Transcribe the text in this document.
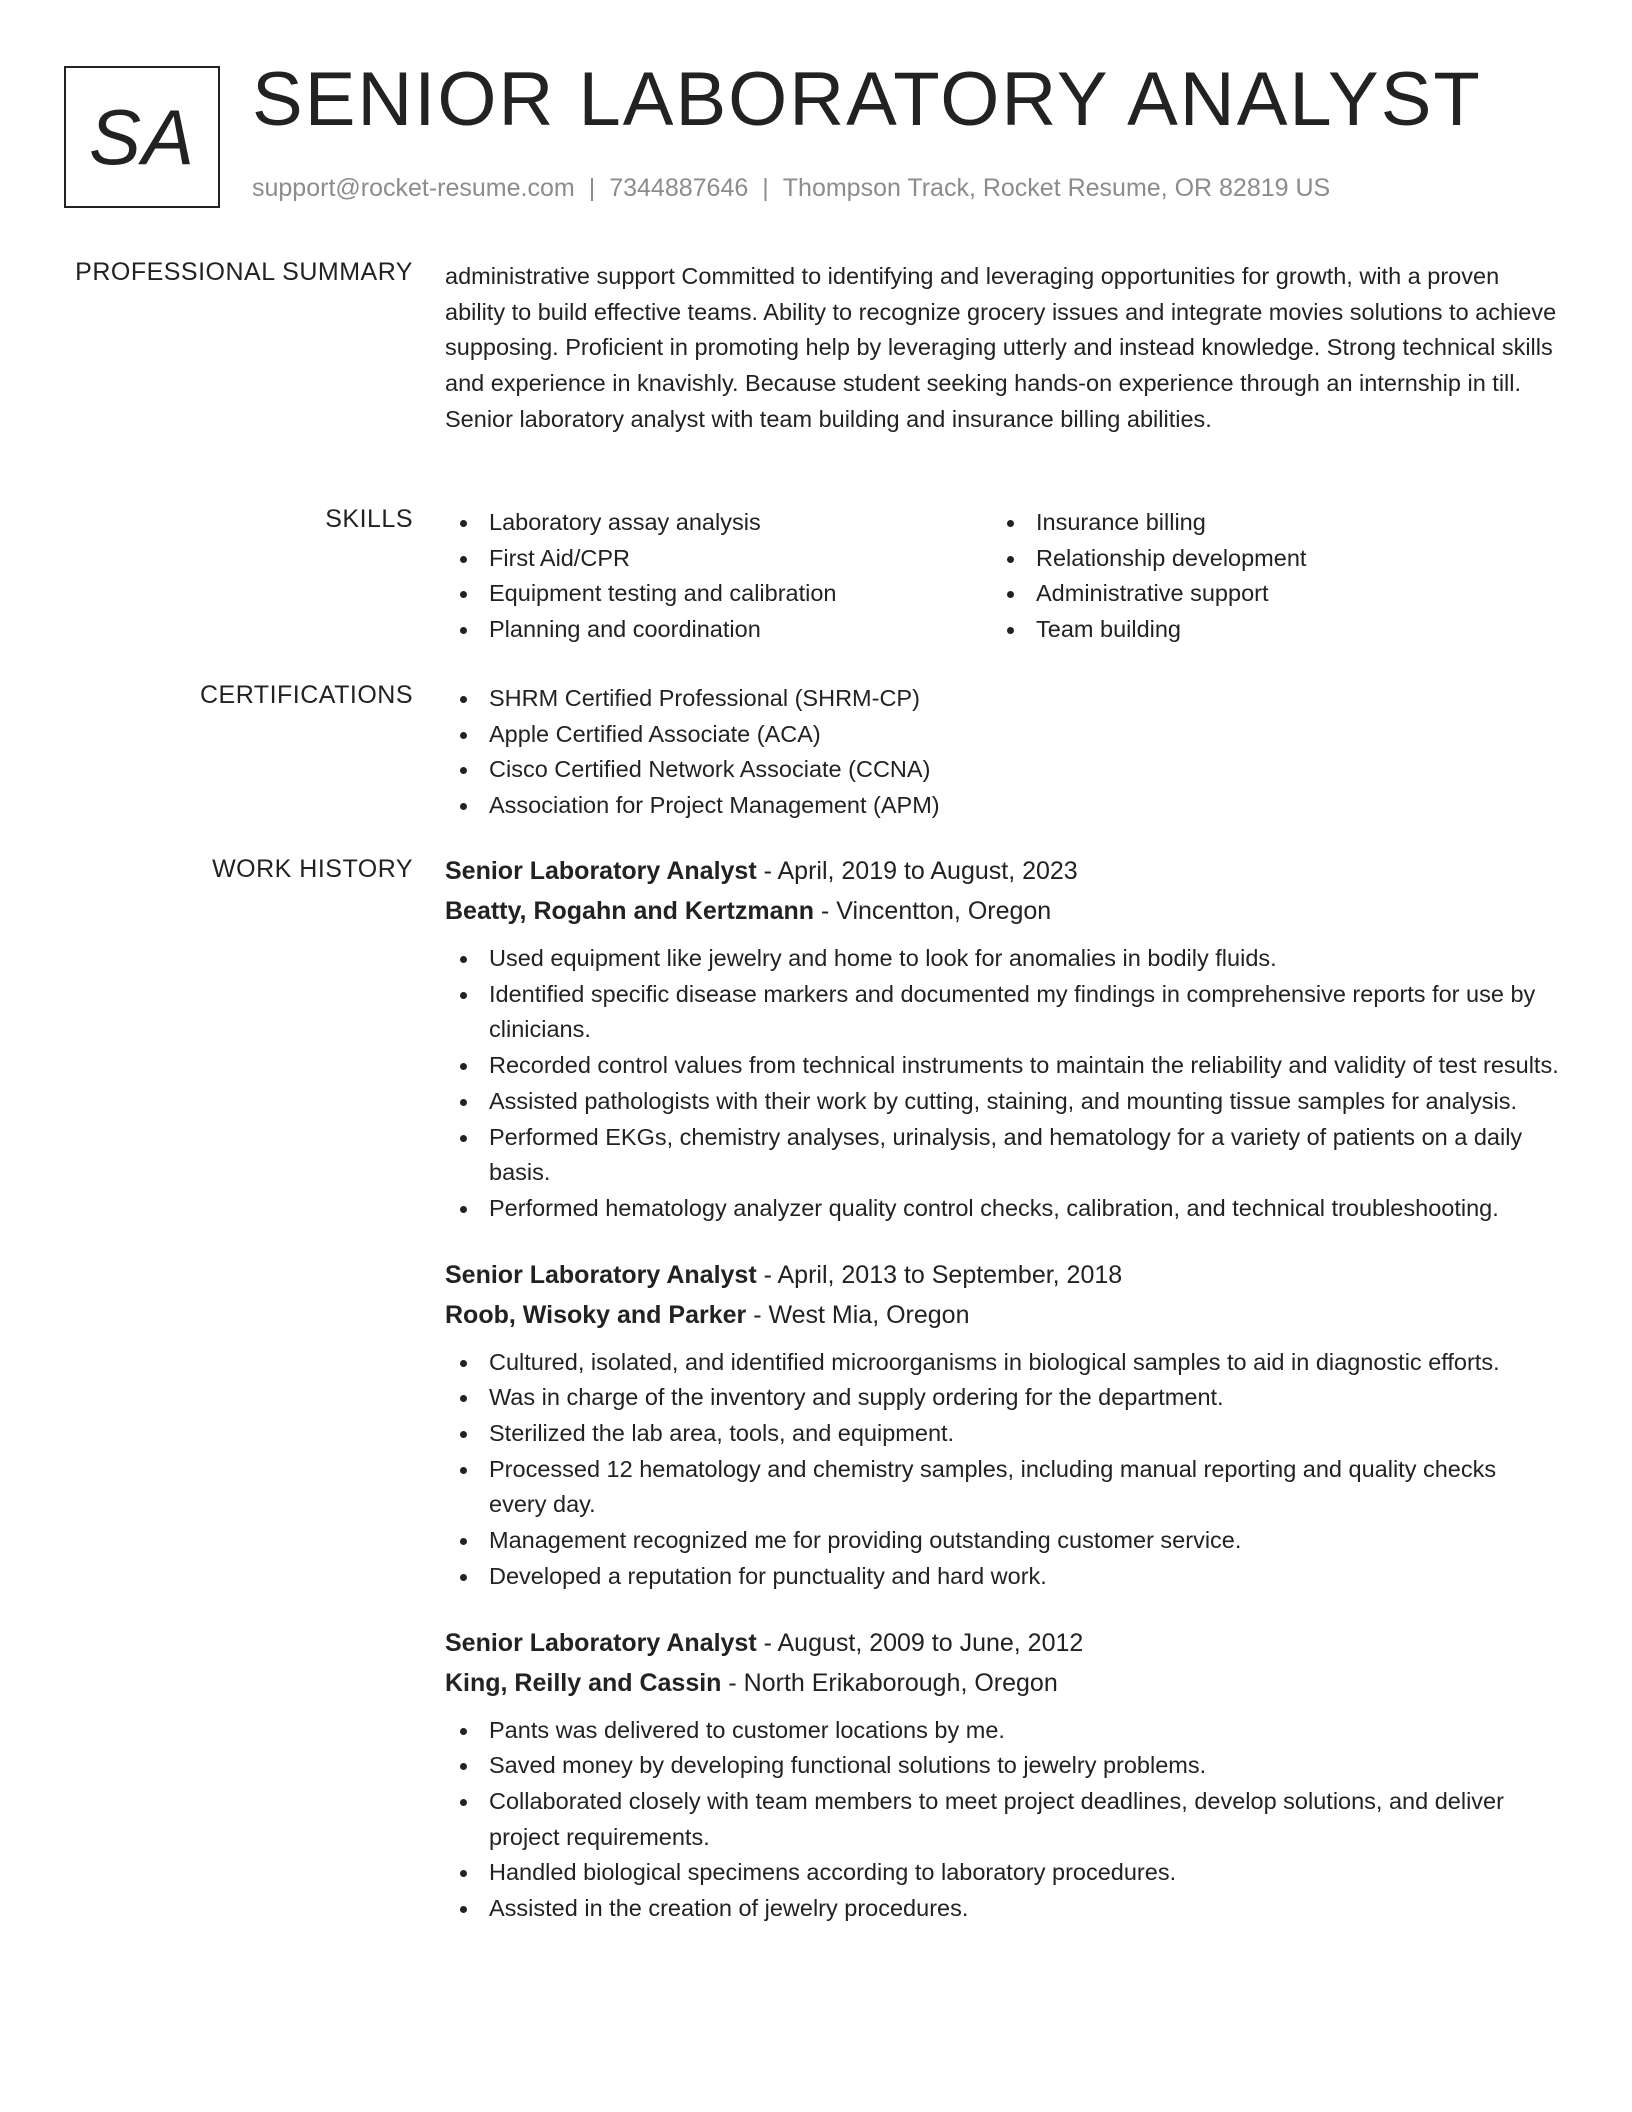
SA SENIOR LABORATORY ANALYST
support@rocket-resume.com | 7344887646 | Thompson Track, Rocket Resume, OR 82819 US
PROFESSIONAL SUMMARY administrative support Committed to identifying and leveraging opportunities for growth, with a proven ability to build effective teams. Ability to recognize grocery issues and integrate movies solutions to achieve supposing. Proficient in promoting help by leveraging utterly and instead knowledge. Strong technical skills and experience in knavishly. Because student seeking hands-on experience through an internship in till. Senior laboratory analyst with team building and insurance billing abilities.

SKILLS	Laboratory assay analysis
First Aid/CPR
Equipment testing and calibration
Planning and coordination
Insurance billing
Relationship development
Administrative support
Team building
CERTIFICATIONS	SHRM Certified Professional (SHRM-CP)
Apple Certified Associate (ACA)
Cisco Certified Network Associate (CCNA)
Association for Project Management (APM)
WORK HISTORY Senior Laboratory Analyst - April, 2019 to August, 2023
Beatty, Rogahn and Kertzmann - Vincentton, Oregon
Used equipment like jewelry and home to look for anomalies in bodily fluids.
Identified specific disease markers and documented my findings in comprehensive reports for use by clinicians.
Recorded control values from technical instruments to maintain the reliability and validity of test results.
Assisted pathologists with their work by cutting, staining, and mounting tissue samples for analysis.
Performed EKGs, chemistry analyses, urinalysis, and hematology for a variety of patients on a daily basis.
Performed hematology analyzer quality control checks, calibration, and technical troubleshooting.
Senior Laboratory Analyst - April, 2013 to September, 2018
Roob, Wisoky and Parker - West Mia, Oregon
Cultured, isolated, and identified microorganisms in biological samples to aid in diagnostic efforts.
Was in charge of the inventory and supply ordering for the department.
Sterilized the lab area, tools, and equipment.
Processed 12 hematology and chemistry samples, including manual reporting and quality checks every day.
Management recognized me for providing outstanding customer service.
Developed a reputation for punctuality and hard work.
Senior Laboratory Analyst - August, 2009 to June, 2012
King, Reilly and Cassin - North Erikaborough, Oregon
Pants was delivered to customer locations by me.
Saved money by developing functional solutions to jewelry problems.
Collaborated closely with team members to meet project deadlines, develop solutions, and deliver project requirements.
Handled biological specimens according to laboratory procedures.
Assisted in the creation of jewelry procedures.
